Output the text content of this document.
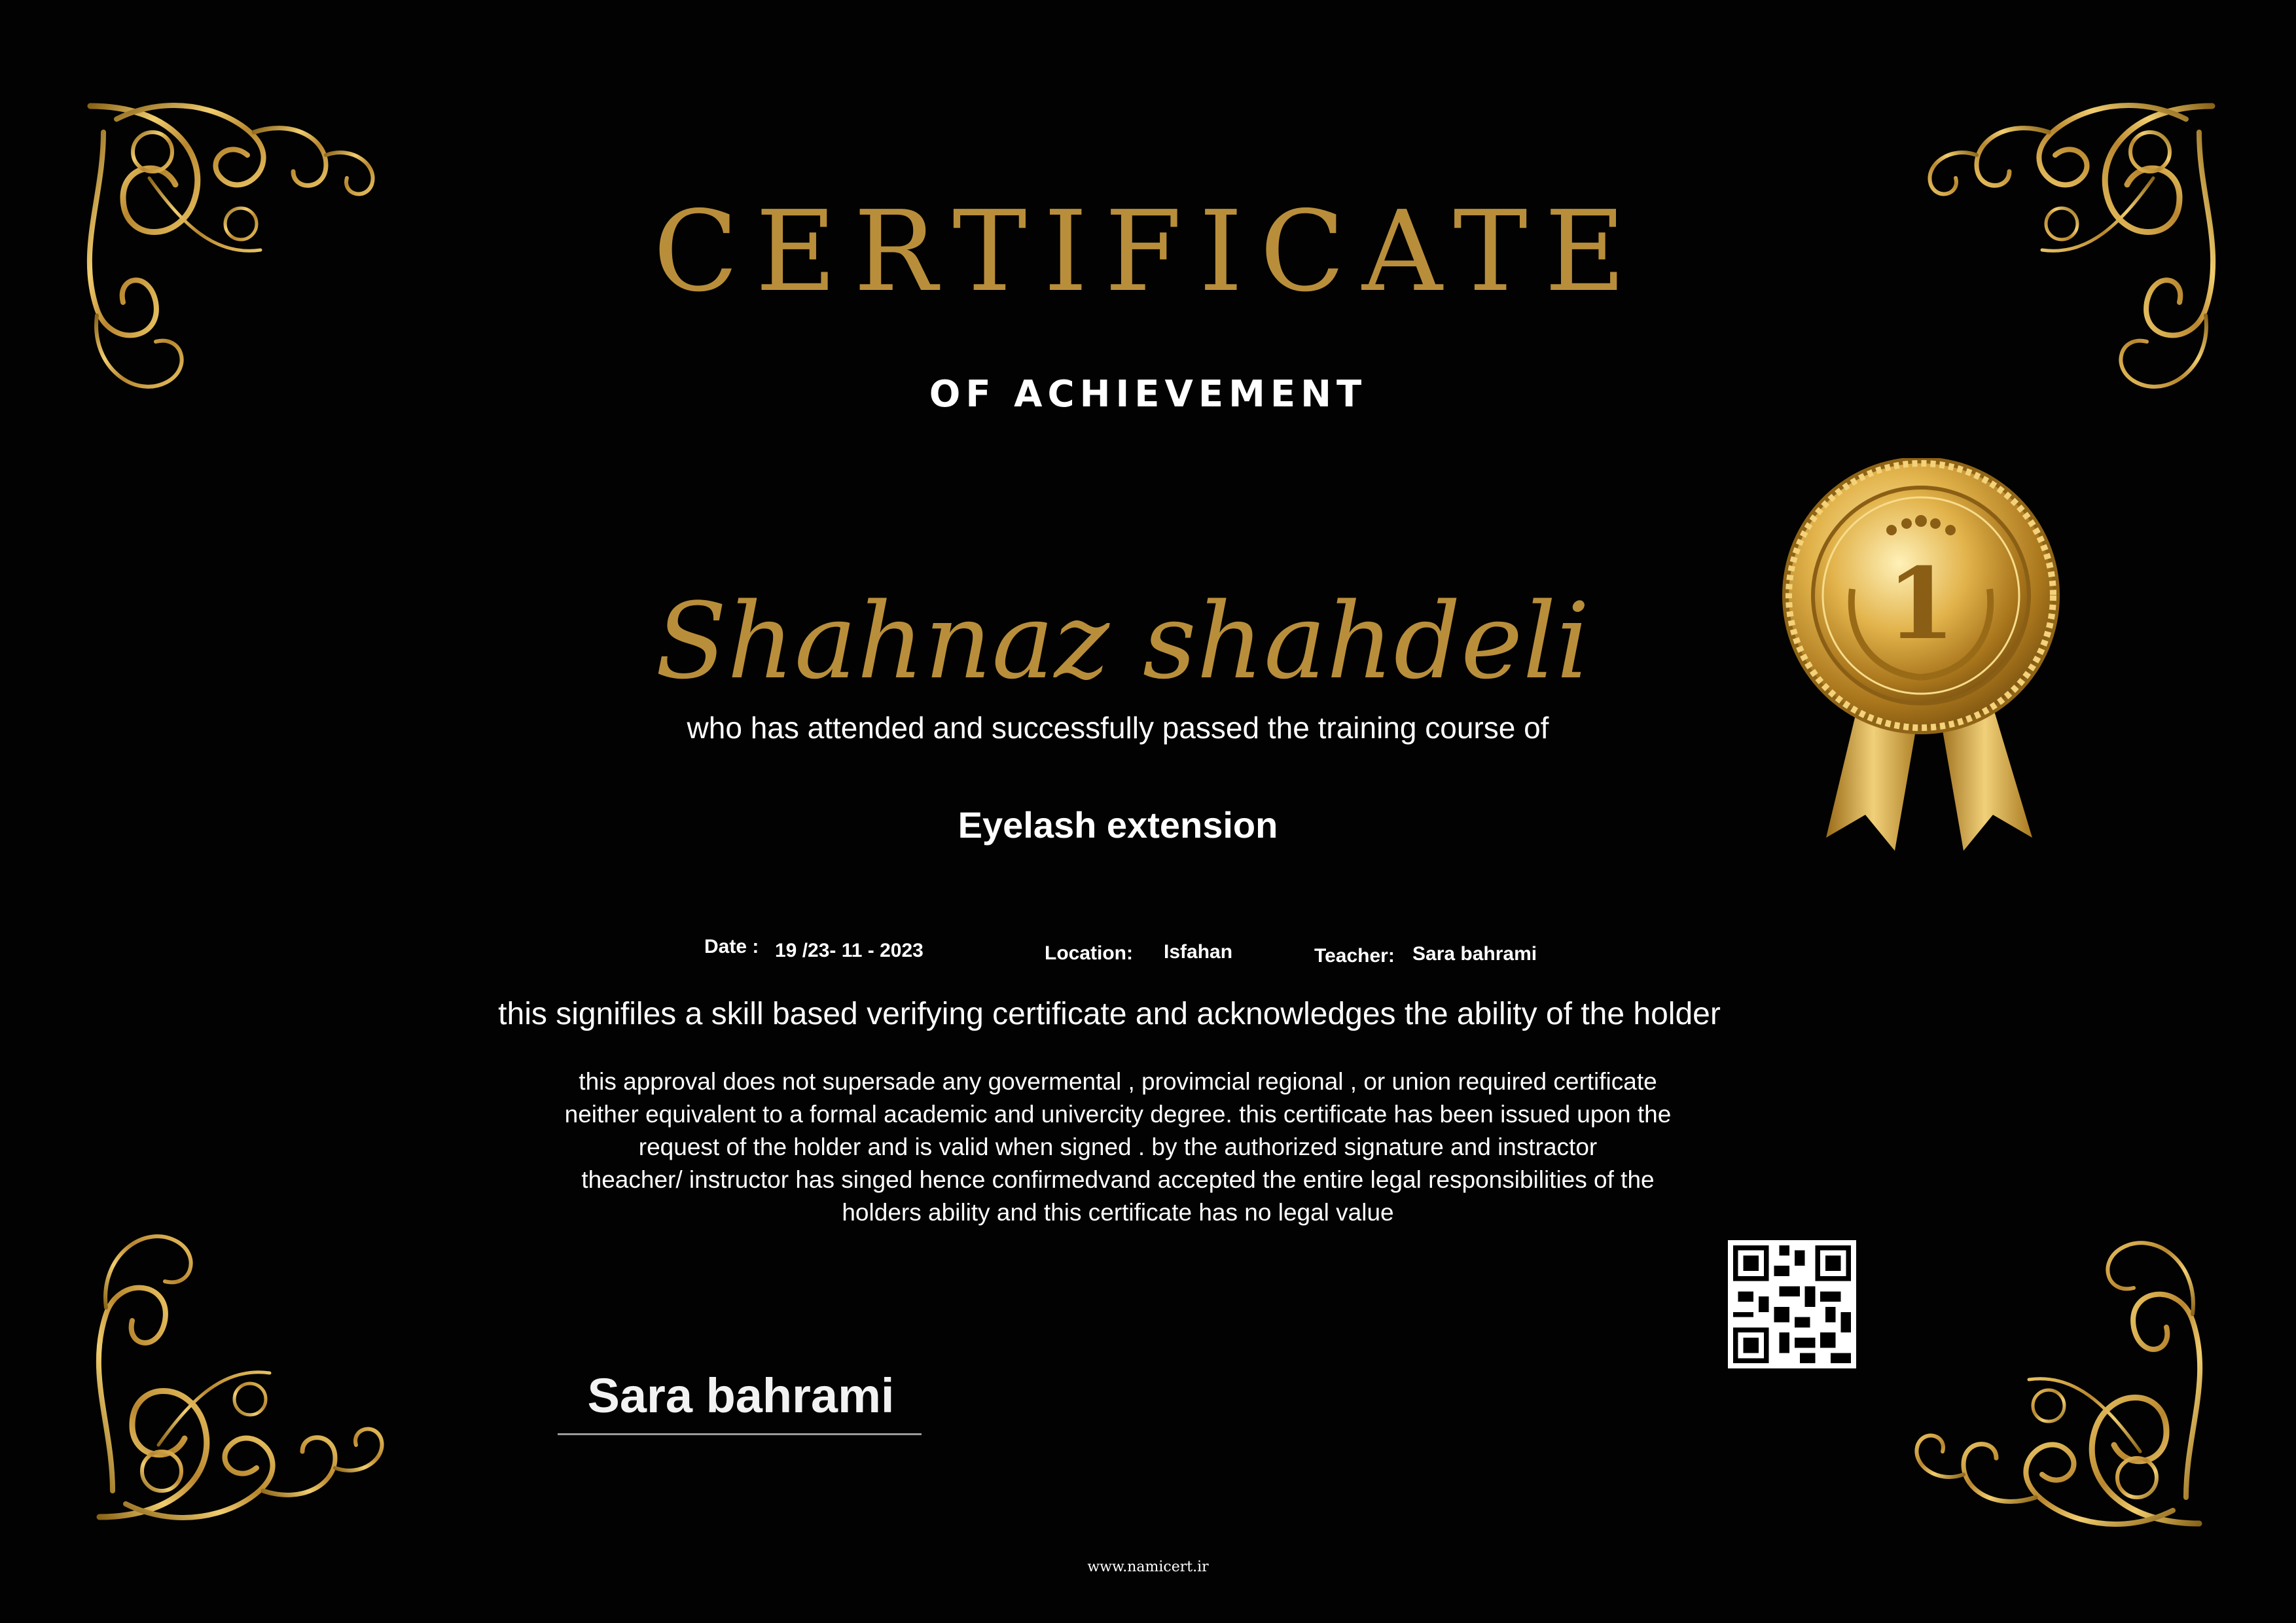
CERTIFICATE
OF ACHIEVEMENT
Shahnaz shahdeli
who has attended and successfully passed the training course of
Eyelash extension
Date : 19 /23- 11 - 2023	Location: Isfahan	Teacher: Sara bahrami
this signifiles a skill based verifying certificate and acknowledges the ability of the holder
this approval does not supersade any govermental , provimcial regional , or union required certificate
neither equivalent to a formal academic and univercity degree. this certificate has been issued upon the
request of the holder and is valid when signed . by the authorized signature and instractor
theacher/ instructor has singed hence confirmedvand accepted the entire legal responsibilities of the
holders ability and this certificate has no legal value
Sara bahrami
www.namicert.ir
1
